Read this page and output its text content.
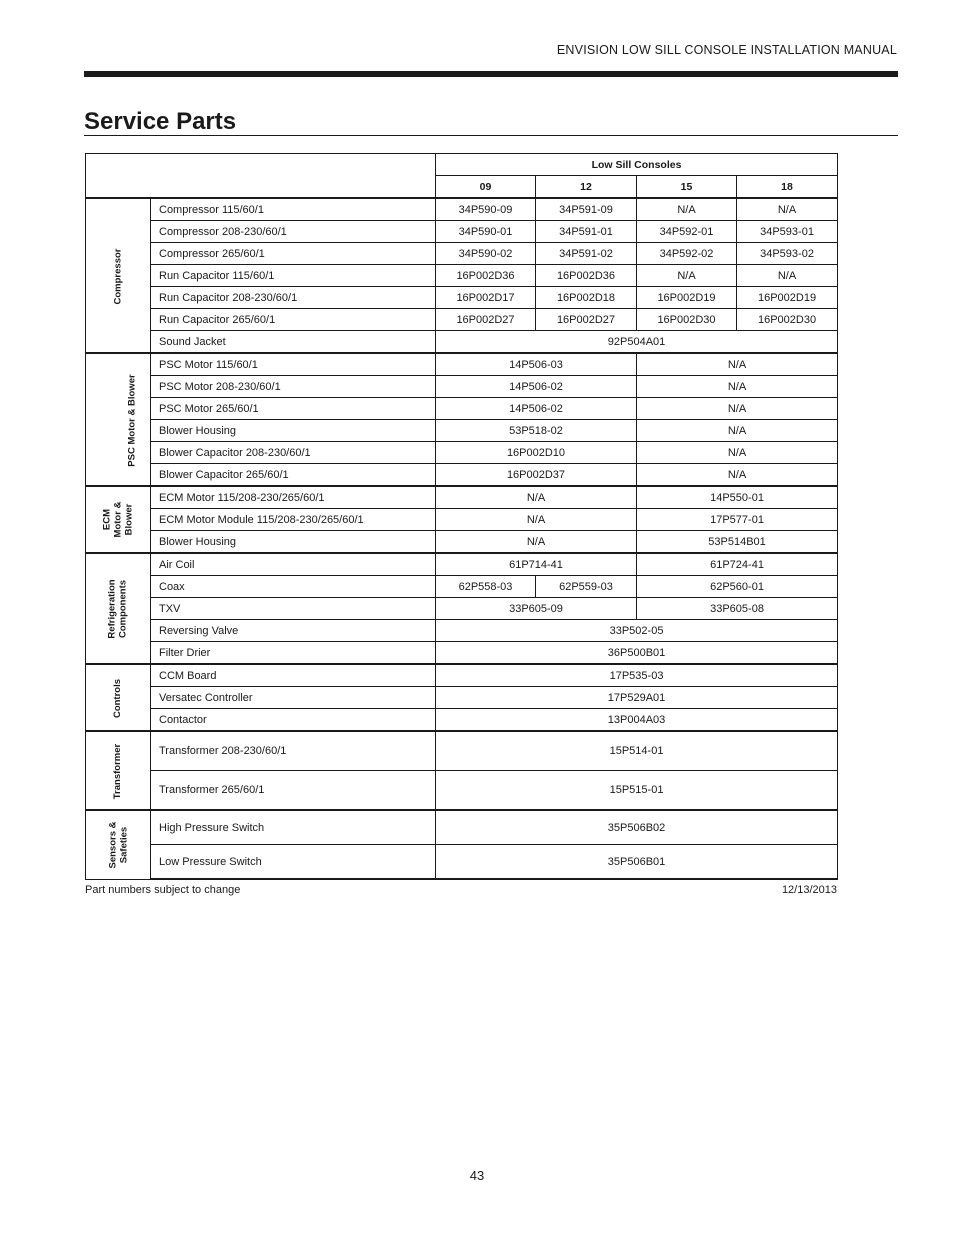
ENVISION LOW SILL CONSOLE INSTALLATION MANUAL
Service Parts
		Low Sill Consoles			
		09	12	15	18
Compressor	Compressor 115/60/1	34P590-09	34P591-09	N/A	N/A
	Compressor 208-230/60/1	34P590-01	34P591-01	34P592-01	34P593-01
	Compressor 265/60/1	34P590-02	34P591-02	34P592-02	34P593-02
	Run Capacitor 115/60/1	16P002D36	16P002D36	N/A	N/A
	Run Capacitor 208-230/60/1	16P002D17	16P002D18	16P002D19	16P002D19
	Run Capacitor 265/60/1	16P002D27	16P002D27	16P002D30	16P002D30
	Sound Jacket	92P504A01			
PSC Motor & Blower	PSC Motor 115/60/1	14P506-03		N/A	
	PSC Motor 208-230/60/1	14P506-02		N/A	
	PSC Motor 265/60/1	14P506-02		N/A	
	Blower Housing	53P518-02		N/A	
	Blower Capacitor 208-230/60/1	16P002D10		N/A	
	Blower Capacitor 265/60/1	16P002D37		N/A	
ECM
Motor &
Blower	ECM Motor 115/208-230/265/60/1	N/A		14P550-01	
	ECM Motor Module 115/208-230/265/60/1	N/A		17P577-01	
	Blower Housing	N/A		53P514B01	
Refrigeration
Components	Air Coil	61P714-41		61P724-41	
	Coax	62P558-03	62P559-03	62P560-01	
	TXV	33P605-09		33P605-08	
	Reversing Valve	33P502-05			
	Filter Drier	36P500B01			
Controls	CCM Board	17P535-03			
	Versatec Controller	17P529A01			
	Contactor	13P004A03			
Transformer	Transformer 208-230/60/1	15P514-01			
	Transformer 265/60/1	15P515-01			
Sensors &
Safeties	High Pressure Switch	35P506B02			
	Low Pressure Switch	35P506B01			
Part numbers subject to change	12/13/2013
43
